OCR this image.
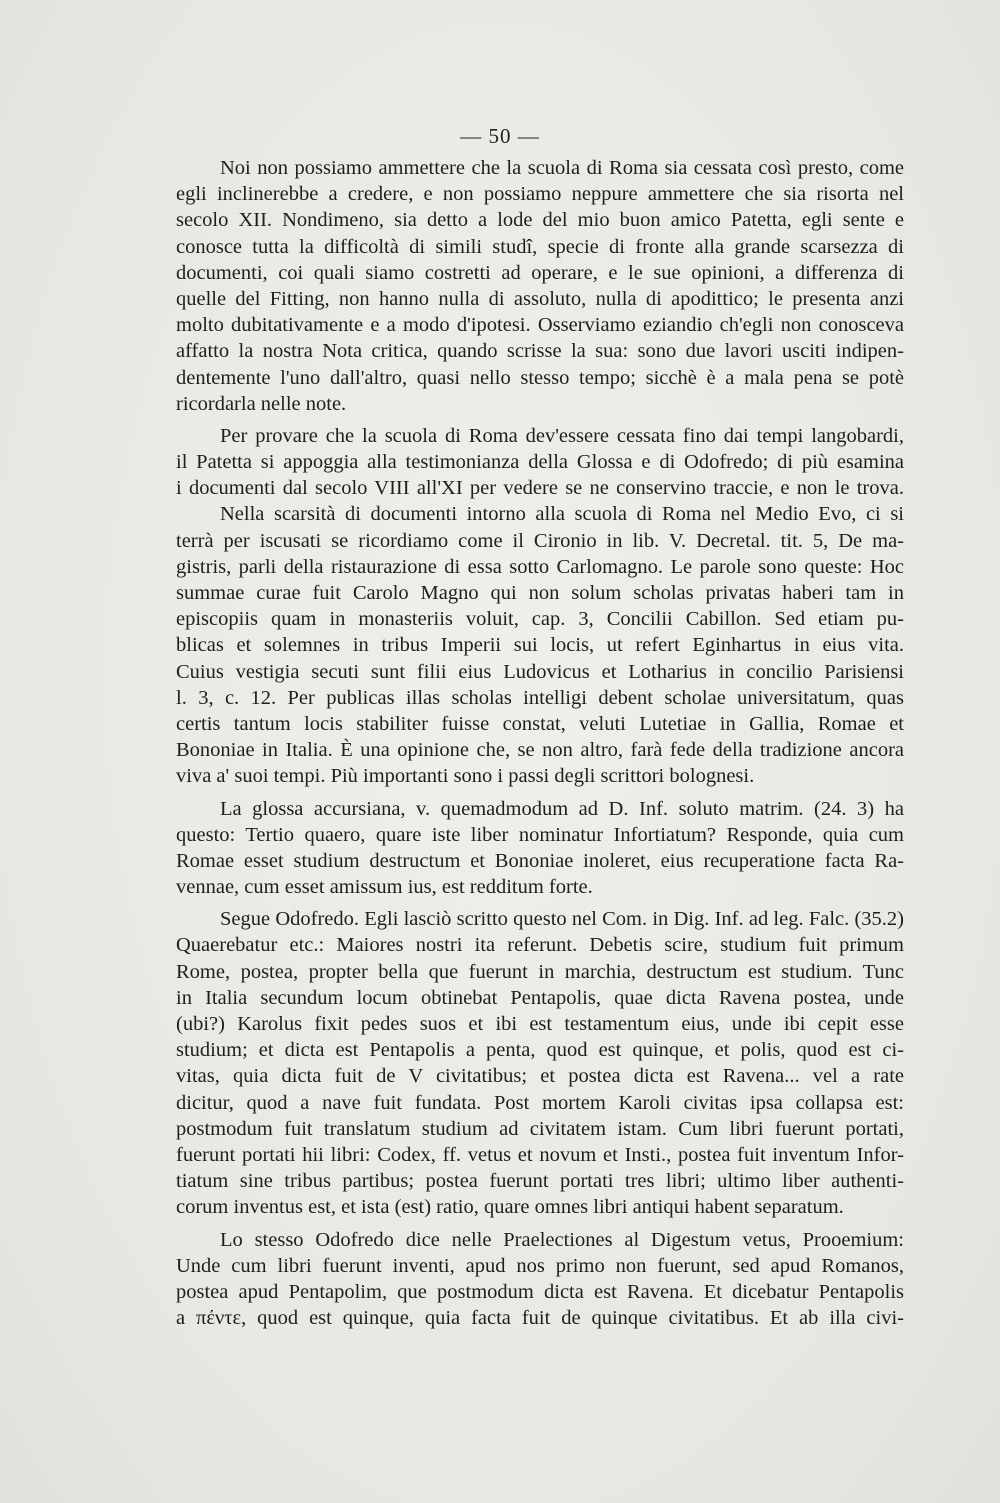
— 50 —
Noi non possiamo ammettere che la scuola di Roma sia cessata così presto, come
egli inclinerebbe a credere, e non possiamo neppure ammettere che sia risorta nel
secolo XII. Nondimeno, sia detto a lode del mio buon amico Patetta, egli sente e
conosce tutta la difficoltà di simili studî, specie di fronte alla grande scarsezza di
documenti, coi quali siamo costretti ad operare, e le sue opinioni, a differenza di
quelle del Fitting, non hanno nulla di assoluto, nulla di apodittico; le presenta anzi
molto dubitativamente e a modo d'ipotesi. Osserviamo eziandio ch'egli non conosceva
affatto la nostra Nota critica, quando scrisse la sua: sono due lavori usciti indipen-
dentemente l'uno dall'altro, quasi nello stesso tempo; sicchè è a mala pena se potè
ricordarla nelle note.
Per provare che la scuola di Roma dev'essere cessata fino dai tempi langobardi,
il Patetta si appoggia alla testimonianza della Glossa e di Odofredo; di più esamina
i documenti dal secolo VIII all'XI per vedere se ne conservino traccie, e non le trova.
Nella scarsità di documenti intorno alla scuola di Roma nel Medio Evo, ci si
terrà per iscusati se ricordiamo come il Cironio in lib. V. Decretal. tit. 5, De ma-
gistris, parli della ristaurazione di essa sotto Carlomagno. Le parole sono queste: Hoc
summae curae fuit Carolo Magno qui non solum scholas privatas haberi tam in
episcopiis quam in monasteriis voluit, cap. 3, Concilii Cabillon. Sed etiam pu-
blicas et solemnes in tribus Imperii sui locis, ut refert Eginhartus in eius vita.
Cuius vestigia secuti sunt filii eius Ludovicus et Lotharius in concilio Parisiensi
l. 3, c. 12. Per publicas illas scholas intelligi debent scholae universitatum, quas
certis tantum locis stabiliter fuisse constat, veluti Lutetiae in Gallia, Romae et
Bononiae in Italia. È una opinione che, se non altro, farà fede della tradizione ancora
viva a' suoi tempi. Più importanti sono i passi degli scrittori bolognesi.
La glossa accursiana, v. quemadmodum ad D. Inf. soluto matrim. (24. 3) ha
questo: Tertio quaero, quare iste liber nominatur Infortiatum? Responde, quia cum
Romae esset studium destructum et Bononiae inoleret, eius recuperatione facta Ra-
vennae, cum esset amissum ius, est redditum forte.
Segue Odofredo. Egli lasciò scritto questo nel Com. in Dig. Inf. ad leg. Falc. (35.2)
Quaerebatur etc.: Maiores nostri ita referunt. Debetis scire, studium fuit primum
Rome, postea, propter bella que fuerunt in marchia, destructum est studium. Tunc
in Italia secundum locum obtinebat Pentapolis, quae dicta Ravena postea, unde
(ubi?) Karolus fixit pedes suos et ibi est testamentum eius, unde ibi cepit esse
studium; et dicta est Pentapolis a penta, quod est quinque, et polis, quod est ci-
vitas, quia dicta fuit de V civitatibus; et postea dicta est Ravena... vel a rate
dicitur, quod a nave fuit fundata. Post mortem Karoli civitas ipsa collapsa est:
postmodum fuit translatum studium ad civitatem istam. Cum libri fuerunt portati,
fuerunt portati hii libri: Codex, ff. vetus et novum et Insti., postea fuit inventum Infor-
tiatum sine tribus partibus; postea fuerunt portati tres libri; ultimo liber authenti-
corum inventus est, et ista (est) ratio, quare omnes libri antiqui habent separatum.
Lo stesso Odofredo dice nelle Praelectiones al Digestum vetus, Prooemium:
Unde cum libri fuerunt inventi, apud nos primo non fuerunt, sed apud Romanos,
postea apud Pentapolim, que postmodum dicta est Ravena. Et dicebatur Pentapolis
a πέντε, quod est quinque, quia facta fuit de quinque civitatibus. Et ab illa civi-
